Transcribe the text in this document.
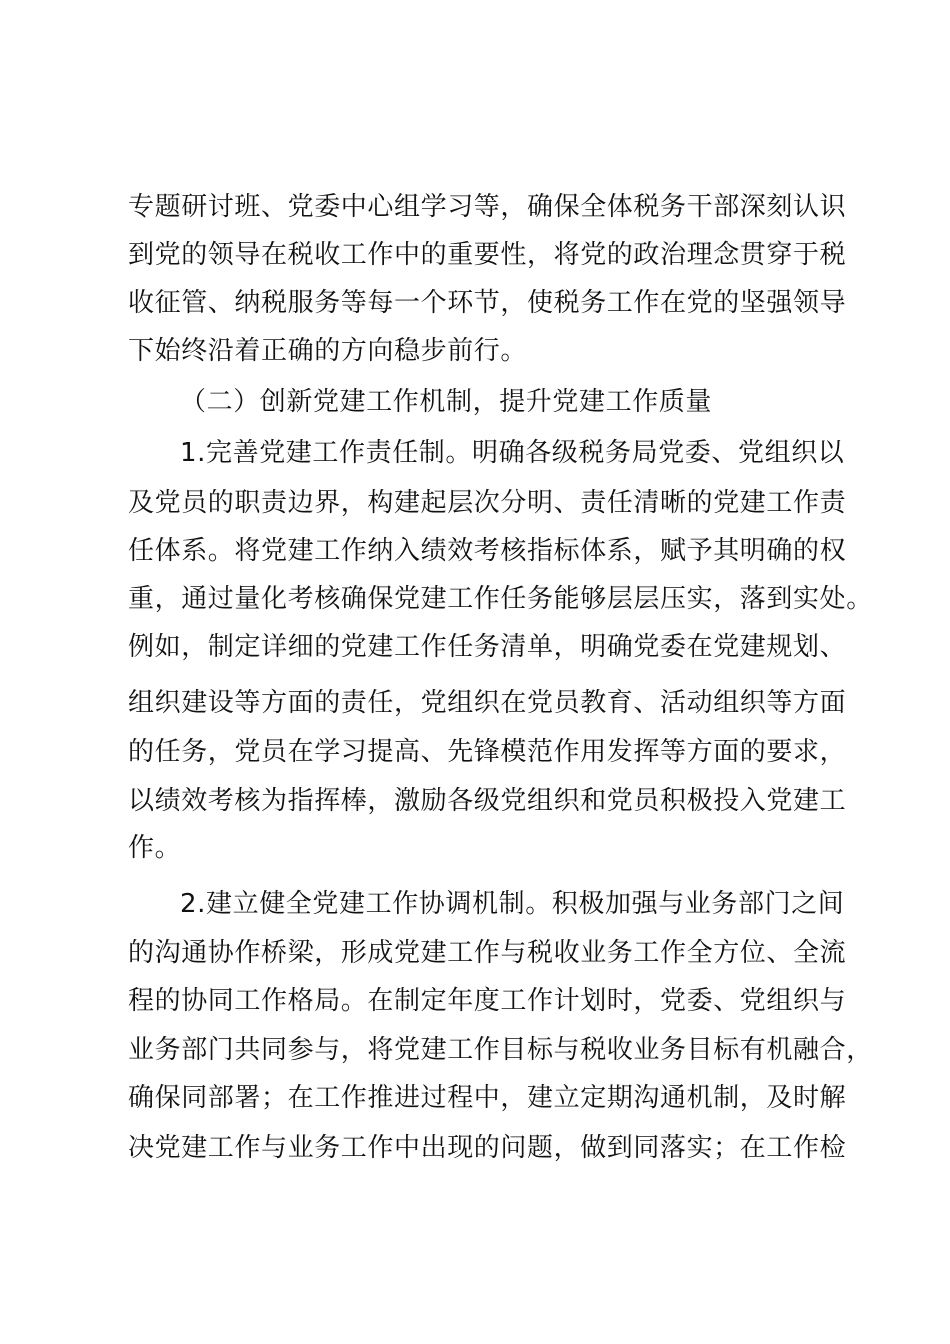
专题研讨班、党委中心组学习等，确保全体税务干部深刻认识

到党的领导在税收工作中的重要性，将党的政治理念贯穿于税

收征管、纳税服务等每一个环节，使税务工作在党的坚强领导

下始终沿着正确的方向稳步前行。

（二）创新党建工作机制，提升党建工作质量

1.完善党建工作责任制。明确各级税务局党委、党组织以

及党员的职责边界，构建起层次分明、责任清晰的党建工作责

任体系。将党建工作纳入绩效考核指标体系，赋予其明确的权

重，通过量化考核确保党建工作任务能够层层压实，落到实处。

例如，制定详细的党建工作任务清单，明确党委在党建规划、

组织建设等方面的责任，党组织在党员教育、活动组织等方面

的任务，党员在学习提高、先锋模范作用发挥等方面的要求，

以绩效考核为指挥棒，激励各级党组织和党员积极投入党建工

作。

2.建立健全党建工作协调机制。积极加强与业务部门之间

的沟通协作桥梁，形成党建工作与税收业务工作全方位、全流

程的协同工作格局。在制定年度工作计划时，党委、党组织与

业务部门共同参与，将党建工作目标与税收业务目标有机融合，

确保同部署；在工作推进过程中，建立定期沟通机制，及时解

决党建工作与业务工作中出现的问题，做到同落实；在工作检
